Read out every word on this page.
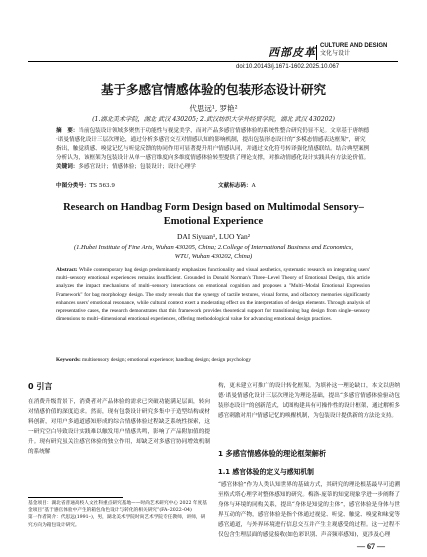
西部皮革 CULTURE AND DESIGN
文化与设计
doi:10.20143/j.1671-1602.2025.10.067
基于多感官情感体验的包装形态设计研究
代思远¹, 罗艳²
(1.湖北美术学院，湖北 武汉 430205; 2.武汉纺织大学外经贸学院，湖北 武汉 430202)
摘　要：当前包装设计领域多聚焦于功能性与视觉美学，而对产品多感官情感体验的系统性整合研究仍显不足。文章基于唐纳德·诺曼情感化设计三层次理论，通过分析多感官交互对情感认知的影响机制，提出包装形态设计的“多模态情感表达框架”，研究指出，触觉质感、嗅觉记忆与听觉反馈的协同作用可显著提升用户情感认同，并通过文化符号转译强化情感联结。结合典型案例分析认为，该框架为包装设计从单一感官维度向多维度情感体验转型提供了理论支撑，对推动情感化设计实践具有方法论价值。
关键词：多感官设计；情感体验；包装设计；设计心理学
中图分类号：TS 563.9	文献标志码：A
Research on Handbag Form Design based on Multimodal Sensory–
Emotional Experience
DAI Siyuan¹, LUO Yan²
(1.Hubei Institute of Fine Arts, Wuhan 430205, China; 2.College of International Business and Economics,
WTU, Wuhan 430202, China)
Abstract: While contemporary bag design predominantly emphasizes functionality and visual aesthetics, systematic research on integrating users' multi–sensory emotional experiences remains insufficient. Grounded in Donald Norman's Three–Level Theory of Emotional Design, this article analyzes the impact mechanisms of multi–sensory interactions on emotional cognition and proposes a "Multi–Modal Emotional Expression Framework" for bag morphology design. The study reveals that the synergy of tactile textures, visual forms, and olfactory memories significantly enhances users' emotional resonance, while cultural context exert a moderating effect on the interpretation of design elements. Through analysis of representative cases, the research demonstrates that this framework provides theoretical support for transitioning bag design from single–sensory dimensions to multi–dimensional emotional experiences, offering methodological value for advancing emotional design practices.
Keywords: multisensory design; emotional experience; handbag design; design psychology
0 引言
在消费升级背景下，消费者对产品体验的需求已突破功能满足层面，转向对情感价值的深度追求。然而，现有包袋设计研究多集中于造型结构或材料创新，对用户多通道感知形成的综合情感体验过程缺乏系统性探索，这一研究空白导致设计实践难以触发用户情感共鸣，影响了产品附加值的提升。现有研究虽关注感官体验的独立作用，却缺乏对多感官协同增效机制的系统解
基金项目：湖北省普通高校人文社科重点研究基地——时尚艺术研究中心 2022 年度基金项目“基于感官体验中产生的箱包角色设计与转化的相关研究”(FA–2022–04)
第一作者简介：代思远(1991–)，男，湖北美术学院时尚艺术学院专任教师，讲师，研究方向为箱包设计研究。
1 多感官情感体验的理论框架解析
1.1 感官体验的定义与感知机制
“感官体验”作为人类认知世界的基础方式，其研究的理论根基最早可追溯至格式塔心理学对整体感知的研究。梅洛-庞蒂的知觉现象学进一步阐释了身体与环境的同构关系，提出“身体是知觉的主体”，感官体验是身体与世界互动的产物，感官体验是指个体通过视觉、听觉、触觉、嗅觉和味觉等感官通道，与外界环境进行信息交互并产生主观感受的过程。这一过程不仅包含生理层面的感觉接收(如色彩识别、声音频率感知)，更涉及心理
构，更未建立可推广的设计转化框架。为填补这一理论缺口，本文以唐纳德·诺曼情感化设计三层次理论为理论基础，提出“多感官情感体验驱动包装形态设计”的创新范式，试图构建具有可操作性的设计框架，通过解析多感官刺激对用户情感记忆的唤醒机制，为包装设计提供新的方法论支持。
— 67 —
